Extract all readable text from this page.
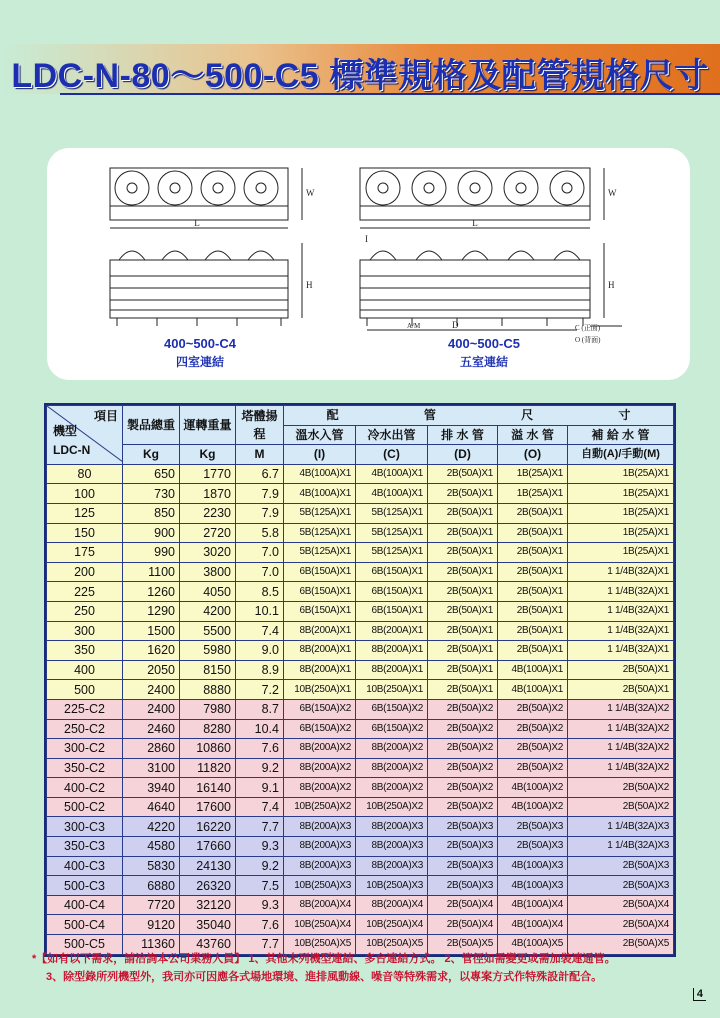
LDC-N-80～500-C5 標準規格及配管規格尺寸
L
W
H
L
W
H
I
A/M	D	C (正面)
O (背面)
400~500-C4
四室連結
400~500-C5
五室連結
項目
機型
LDC-N	製品總重	運轉重量	塔體揚程	配 管 尺 寸				

				溫水入管	冷水出管	排 水 管	溢 水 管	補 給 水 管
	Kg	Kg	M	(I)	(C)	(D)	(O)	自動(A)/手動(M)
80	650	1770	6.7	4B(100A)X1	4B(100A)X1	2B(50A)X1	1B(25A)X1	1B(25A)X1
100	730	1870	7.9	4B(100A)X1	4B(100A)X1	2B(50A)X1	1B(25A)X1	1B(25A)X1
125	850	2230	7.9	5B(125A)X1	5B(125A)X1	2B(50A)X1	2B(50A)X1	1B(25A)X1
150	900	2720	5.8	5B(125A)X1	5B(125A)X1	2B(50A)X1	2B(50A)X1	1B(25A)X1
175	990	3020	7.0	5B(125A)X1	5B(125A)X1	2B(50A)X1	2B(50A)X1	1B(25A)X1
200	1100	3800	7.0	6B(150A)X1	6B(150A)X1	2B(50A)X1	2B(50A)X1	1 1/4B(32A)X1
225	1260	4050	8.5	6B(150A)X1	6B(150A)X1	2B(50A)X1	2B(50A)X1	1 1/4B(32A)X1
250	1290	4200	10.1	6B(150A)X1	6B(150A)X1	2B(50A)X1	2B(50A)X1	1 1/4B(32A)X1
300	1500	5500	7.4	8B(200A)X1	8B(200A)X1	2B(50A)X1	2B(50A)X1	1 1/4B(32A)X1
350	1620	5980	9.0	8B(200A)X1	8B(200A)X1	2B(50A)X1	2B(50A)X1	1 1/4B(32A)X1
400	2050	8150	8.9	8B(200A)X1	8B(200A)X1	2B(50A)X1	4B(100A)X1	2B(50A)X1
500	2400	8880	7.2	10B(250A)X1	10B(250A)X1	2B(50A)X1	4B(100A)X1	2B(50A)X1
225-C2	2400	7980	8.7	6B(150A)X2	6B(150A)X2	2B(50A)X2	2B(50A)X2	1 1/4B(32A)X2
250-C2	2460	8280	10.4	6B(150A)X2	6B(150A)X2	2B(50A)X2	2B(50A)X2	1 1/4B(32A)X2
300-C2	2860	10860	7.6	8B(200A)X2	8B(200A)X2	2B(50A)X2	2B(50A)X2	1 1/4B(32A)X2
350-C2	3100	11820	9.2	8B(200A)X2	8B(200A)X2	2B(50A)X2	2B(50A)X2	1 1/4B(32A)X2
400-C2	3940	16140	9.1	8B(200A)X2	8B(200A)X2	2B(50A)X2	4B(100A)X2	2B(50A)X2
500-C2	4640	17600	7.4	10B(250A)X2	10B(250A)X2	2B(50A)X2	4B(100A)X2	2B(50A)X2
300-C3	4220	16220	7.7	8B(200A)X3	8B(200A)X3	2B(50A)X3	2B(50A)X3	1 1/4B(32A)X3
350-C3	4580	17660	9.3	8B(200A)X3	8B(200A)X3	2B(50A)X3	2B(50A)X3	1 1/4B(32A)X3
400-C3	5830	24130	9.2	8B(200A)X3	8B(200A)X3	2B(50A)X3	4B(100A)X3	2B(50A)X3
500-C3	6880	26320	7.5	10B(250A)X3	10B(250A)X3	2B(50A)X3	4B(100A)X3	2B(50A)X3
400-C4	7720	32120	9.3	8B(200A)X4	8B(200A)X4	2B(50A)X4	4B(100A)X4	2B(50A)X4
500-C4	9120	35040	7.6	10B(250A)X4	10B(250A)X4	2B(50A)X4	4B(100A)X4	2B(50A)X4
500-C5	11360	43760	7.7	10B(250A)X5	10B(250A)X5	2B(50A)X5	4B(100A)X5	2B(50A)X5
*【如有以下需求，請洽詢本公司業務人員】 1、其他未列機型連結、多台連結方式。 2、管徑如需變更或需加裝連通管。
3、除型錄所列機型外，我司亦可因應各式場地環境、進排風動線、噪音等特殊需求，以專案方式作特殊設計配合。
4
